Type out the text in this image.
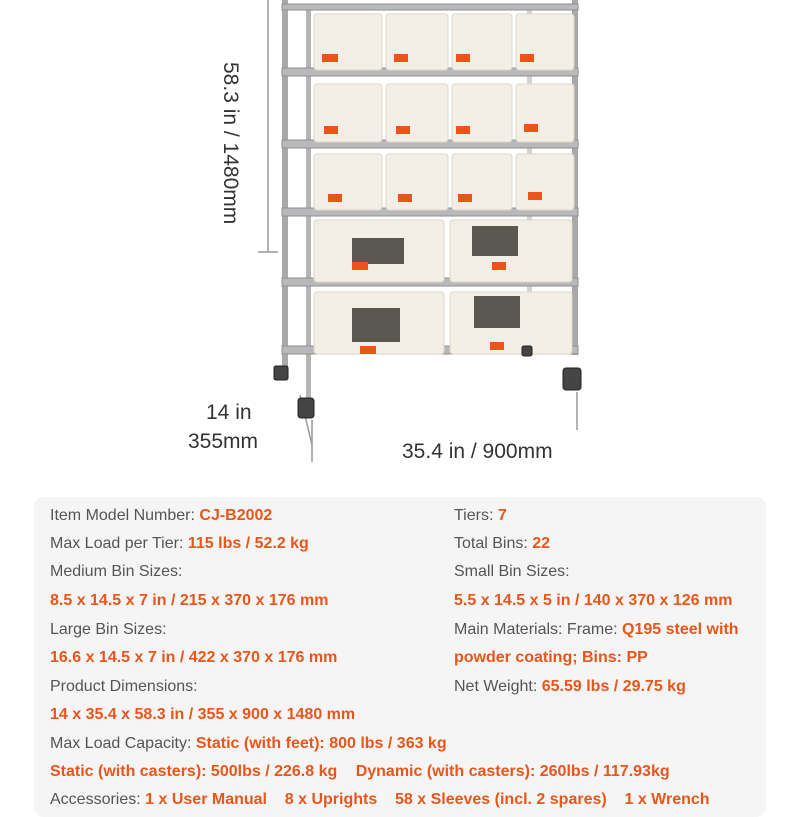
58.3 in / 1480mm
14 in
355mm	35.4 in / 900mm
Item Model Number: CJ-B2002	Tiers: 7
Max Load per Tier: 115 lbs / 52.2 kg	Total Bins: 22
Medium Bin Sizes:	Small Bin Sizes:
8.5 x 14.5 x 7 in / 215 x 370 x 176 mm	5.5 x 14.5 x 5 in / 140 x 370 x 126 mm
Large Bin Sizes:	Main Materials: Frame: Q195 steel with
16.6 x 14.5 x 7 in / 422 x 370 x 176 mm	powder coating; Bins: PP
Product Dimensions:	Net Weight: 65.59 lbs / 29.75 kg
14 x 35.4 x 58.3 in / 355 x 900 x 1480 mm
Max Load Capacity: Static (with feet): 800 lbs / 363 kg
Static (with casters): 500lbs / 226.8 kg Dynamic (with casters): 260lbs / 117.93kg
Accessories: 1 x User Manual    8 x Uprights    58 x Sleeves (incl. 2 spares)    1 x Wrench
